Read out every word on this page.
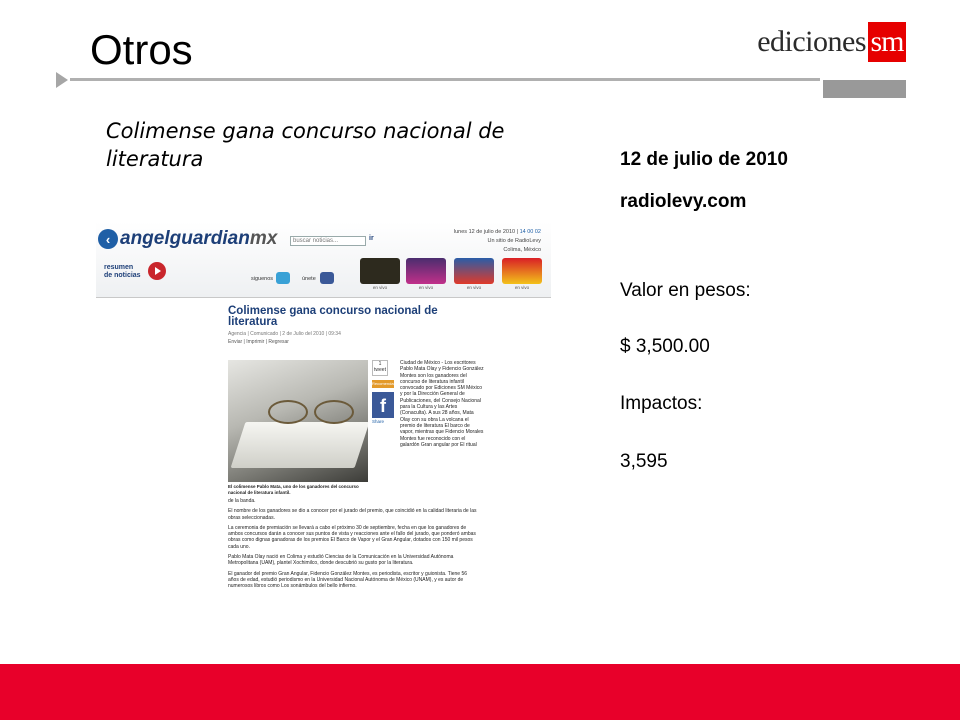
Otros	ediciones sm
Colimense gana concurso nacional de literatura
‹ angelguardianmx	buscar noticias...	ir
lunes 12 de julio de 2010 | 14 00 02
Un sitio de RadioLevy
Colima, México
resumen
de noticias	siguenos	únete
en vivo	en vivo	en vivo	en vivo
Colimense gana concurso nacional de literatura
Agencia | Comunicado | 2 de Julio del 2010 | 09:34
Enviar | Imprimir | Regresar
El colimense Pablo Mata, uno de los ganadores del concurso nacional de literatura infantil.
1
tweet
Recomendar
f
Share
Ciudad de México - Los escritores Pablo Mata Olay y Fidencio González Montes son los ganadores del concurso de literatura infantil convocado por Ediciones SM México y por la Dirección General de Publicaciones, del Consejo Nacional para la Cultura y las Artes (Conaculta). A sus 28 años, Mata Olay con su obra La volcana el premio de literatura El barco de vapor, mientras que Fidencio Morales Montes fue reconocido con el galardón Gran angular por El ritual

de la banda.

El nombre de los ganadores se dio a conocer por el jurado del premio, que coincidió en la calidad literaria de las obras seleccionadas.

La ceremonia de premiación se llevará a cabo el próximo 30 de septiembre, fecha en que los ganadores de ambos concursos darán a conocer sus puntos de vista y reacciones ante el fallo del jurado, que ponderó ambas obras como dignas ganadoras de los premios El Barco de Vapor y el Gran Angular, dotados con 150 mil pesos cada uno.

Pablo Mata Olay nació en Colima y estudió Ciencias de la Comunicación en la Universidad Autónoma Metropolitana (UAM), plantel Xochimilco, donde descubrió su gusto por la literatura.

El ganador del premio Gran Angular, Fidencio González Montes, es periodista, escritor y guionista. Tiene 56 años de edad, estudió periodismo en la Universidad Nacional Autónoma de México (UNAM), y es autor de numerosos libros como Los sonámbulos del bello infierno.

12 de julio de 2010
radiolevy.com
Valor en pesos:
$ 3,500.00
Impactos:
3,595
